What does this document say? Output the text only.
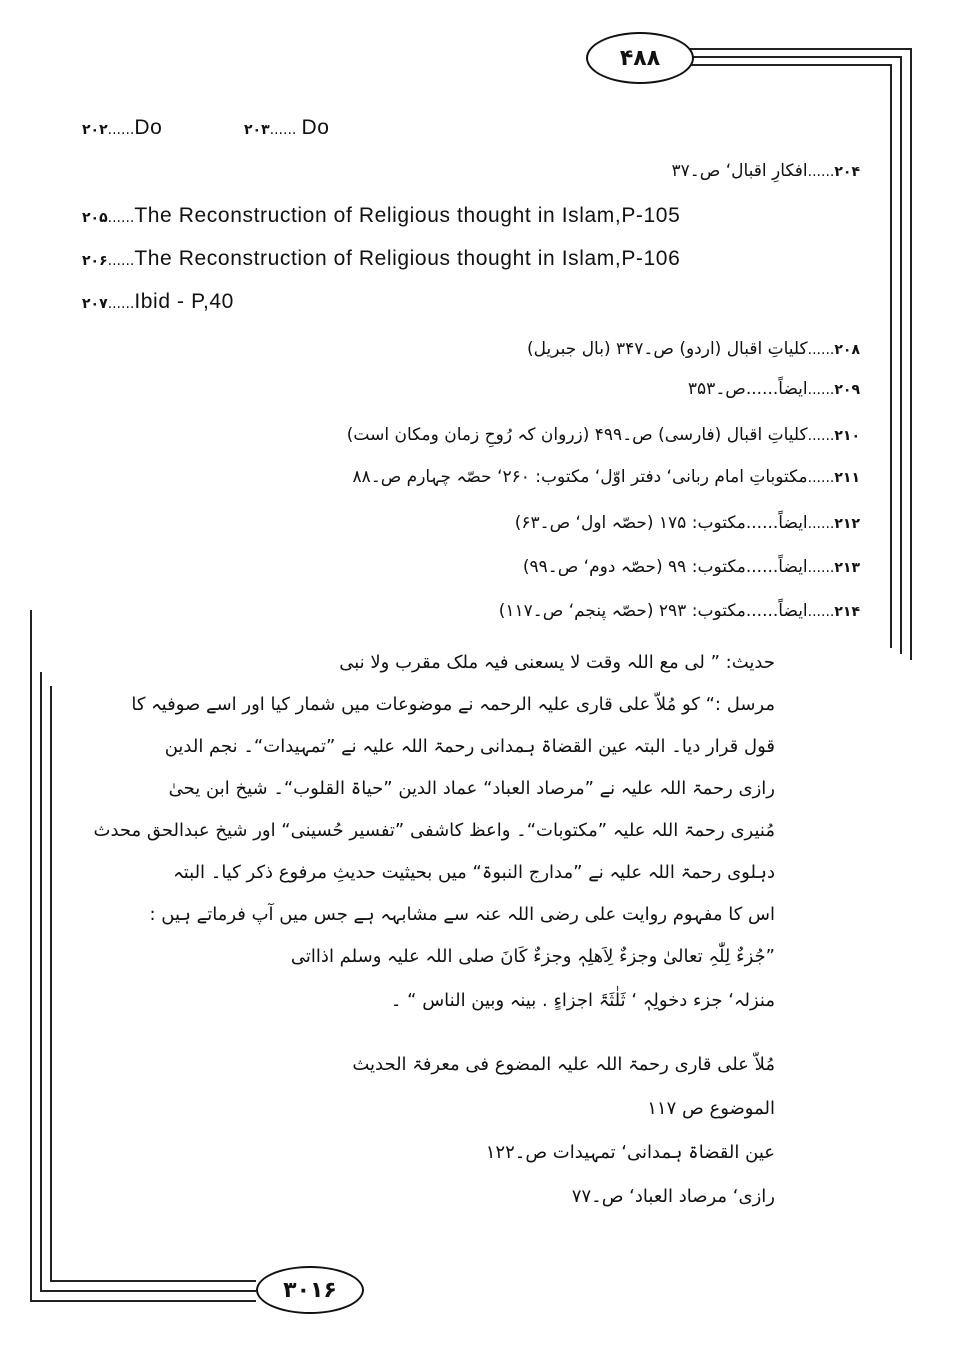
۴۸۸
۳۰۱۶
۲۰۲......Do	۲۰۳...... Do
۲۰۴......افکارِ اقبال‘ ص۔۳۷
۲۰۵......The Reconstruction of Religious thought in Islam,P-105
۲۰۶......The Reconstruction of Religious thought in Islam,P-106
۲۰۷......Ibid - P,40
۲۰۸......کلیاتِ اقبال (اردو) ص۔۳۴۷ (بال جبریل)
۲۰۹......ایضاً......ص۔۳۵۳
۲۱۰......کلیاتِ اقبال (فارسی) ص۔۴۹۹ (زروان کہ رُوحِ زمان ومکان است)
۲۱۱......مکتوباتِ امام ربانی‘ دفتر اوّل‘ مکتوب: ۲۶۰‘ حصّہ چہارم ص۔۸۸
۲۱۲......ایضاً......مکتوب: ۱۷۵ (حصّہ اول‘ ص۔۶۳)
۲۱۳......ایضاً......مکتوب: ۹۹ (حصّہ دوم‘ ص۔۹۹)
۲۱۴......ایضاً......مکتوب: ۲۹۳ (حصّہ پنجم‘ ص۔۱۱۷)
حدیث: ” لی مع اللہ وقت لا یسعنی فیہ ملک مقرب ولا نبی
مرسل :“ کو مُلاّ علی قاری علیہ الرحمہ نے موضوعات میں شمار کیا اور اسے صوفیہ کا
قول قرار دیا۔ البتہ عین القضاۃ ہمدانی رحمۃ اللہ علیہ نے ”تمہیدات“۔ نجم الدین
رازی رحمۃ اللہ علیہ نے ”مرصاد العباد“ عماد الدین ”حیاۃ القلوب“۔ شیخ ابن یحیٰ
مُنیری رحمۃ اللہ علیہ ”مکتوبات“۔ واعظ کاشفی ”تفسیر حُسینی“ اور شیخ عبدالحق محدث
دہلوی رحمۃ اللہ علیہ نے ”مدارج النبوۃ“ میں بحیثیت حدیثِ مرفوع ذکر کیا۔ البتہ
اس کا مفہوم روایت علی رضی اللہ عنہ سے مشابہہ ہے جس میں آپ فرماتے ہیں :
”جُزءٌ لِلّٰہِ تعالیٰ وجزءٌ لِاَھلِہٖ وجزءٌ کَانَ صلی اللہ علیہ وسلم اذااتی
منزلہ‘ جزء دخولِہٖ ‘ ثَلٰثَۃَ اجزاءٍ . بینہ وبین الناس “ ۔
مُلاّ علی قاری رحمۃ اللہ علیہ المضوع فی معرفۃ الحدیث
الموضوع ص ۱۱۷
عین القضاۃ ہمدانی‘ تمہیدات ص۔۱۲۲
رازی‘ مرصاد العباد‘ ص۔۷۷
